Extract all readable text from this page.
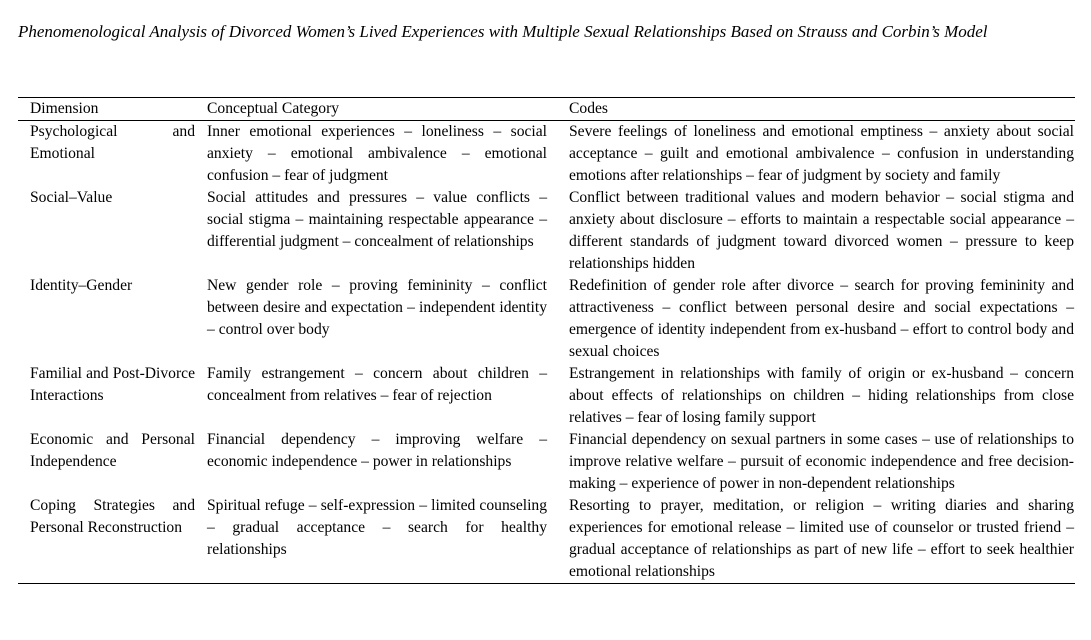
Phenomenological Analysis of Divorced Women’s Lived Experiences with Multiple Sexual Relationships Based on Strauss and Corbin’s Model

Dimension	Conceptual Category	Codes
Psychological and Emotional	Inner emotional experiences – loneliness – social anxiety – emotional ambivalence – emotional confusion – fear of judgment	Severe feelings of loneliness and emotional emptiness – anxiety about social acceptance – guilt and emotional ambivalence – confusion in understanding emotions after relationships – fear of judgment by society and family
Social–Value	Social attitudes and pressures – value conflicts – social stigma – maintaining respectable appearance – differential judgment – concealment of relationships	Conflict between traditional values and modern behavior – social stigma and anxiety about disclosure – efforts to maintain a respectable social appearance – different standards of judgment toward divorced women – pressure to keep relationships hidden
Identity–Gender	New gender role – proving femininity – conflict between desire and expectation – independent identity – control over body	Redefinition of gender role after divorce – search for proving femininity and attractiveness – conflict between personal desire and social expectations – emergence of identity independent from ex-husband – effort to control body and sexual choices
Familial and Post-Divorce Interactions	Family estrangement – concern about children – concealment from relatives – fear of rejection	Estrangement in relationships with family of origin or ex-husband – concern about effects of relationships on children – hiding relationships from close relatives – fear of losing family support
Economic and Personal Independence	Financial dependency – improving welfare – economic independence – power in relationships	Financial dependency on sexual partners in some cases – use of relationships to improve relative welfare – pursuit of economic independence and free decision-making – experience of power in non-dependent relationships
Coping Strategies and Personal Reconstruction	Spiritual refuge – self-expression – limited counseling – gradual acceptance – search for healthy relationships	Resorting to prayer, meditation, or religion – writing diaries and sharing experiences for emotional release – limited use of counselor or trusted friend – gradual acceptance of relationships as part of new life – effort to seek healthier emotional relationships
